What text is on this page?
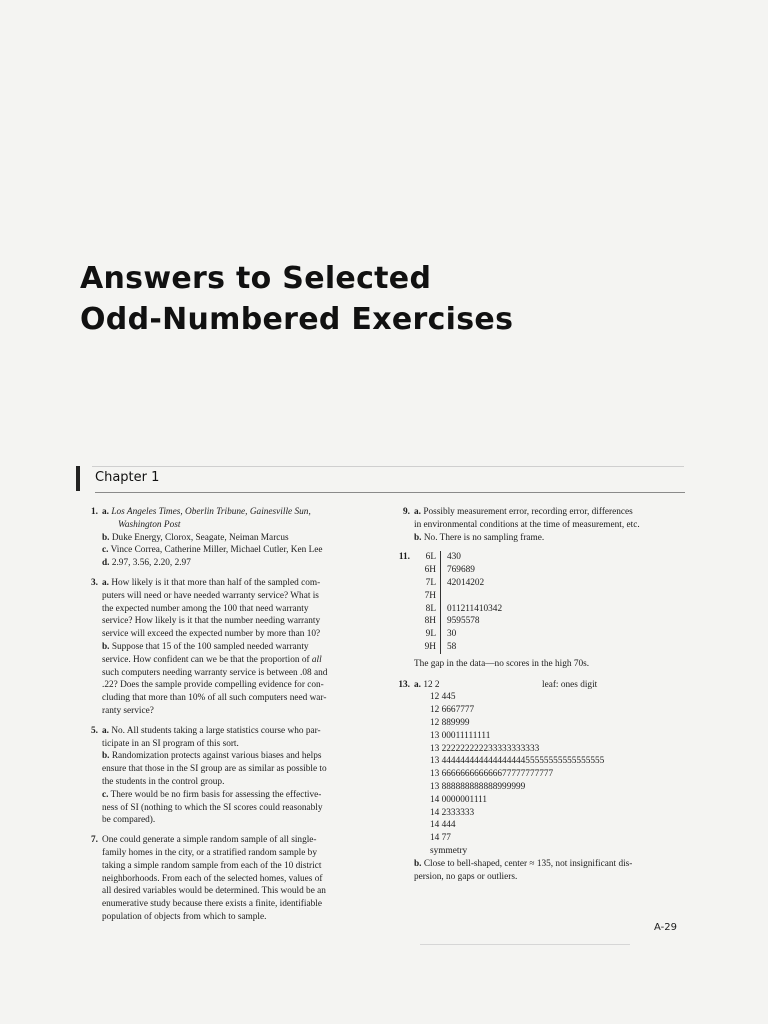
Answers to Selected
Odd-Numbered Exercises
Chapter 1
1. a. Los Angeles Times, Oberlin Tribune, Gainesville Sun,
Washington Post
b. Duke Energy, Clorox, Seagate, Neiman Marcus
c. Vince Correa, Catherine Miller, Michael Cutler, Ken Lee
d. 2.97, 3.56, 2.20, 2.97
3. a. How likely is it that more than half of the sampled com-
puters will need or have needed warranty service? What is
the expected number among the 100 that need warranty
service? How likely is it that the number needing warranty
service will exceed the expected number by more than 10?
b. Suppose that 15 of the 100 sampled needed warranty
service. How confident can we be that the proportion of all
such computers needing warranty service is between .08 and
.22? Does the sample provide compelling evidence for con-
cluding that more than 10% of all such computers need war-
ranty service?
5. a. No. All students taking a large statistics course who par-
ticipate in an SI program of this sort.
b. Randomization protects against various biases and helps
ensure that those in the SI group are as similar as possible to
the students in the control group.
c. There would be no firm basis for assessing the effective-
ness of SI (nothing to which the SI scores could reasonably
be compared).
7. One could generate a simple random sample of all single-
family homes in the city, or a stratified random sample by
taking a simple random sample from each of the 10 district
neighborhoods. From each of the selected homes, values of
all desired variables would be determined. This would be an
enumerative study because there exists a finite, identifiable
population of objects from which to sample.
9. a. Possibly measurement error, recording error, differences
in environmental conditions at the time of measurement, etc.
b. No. There is no sampling frame.
11. 6L	430
6H	769689
7L	42014202
7H	
8L	011211410342
8H	9595578
9L	30
9H	58
The gap in the data—no scores in the high 70s.
13. a. 12 2	leaf: ones digit
12 445
12 6667777
12 889999
13 00011111111
13 222222222233333333333
13 44444444444444444455555555555555555
13 666666666666677777777777
13 888888888888999999
14 0000001111
14 2333333
14 444
14 77
symmetry
b. Close to bell-shaped, center ≈ 135, not insignificant dis-
persion, no gaps or outliers.
A-29
